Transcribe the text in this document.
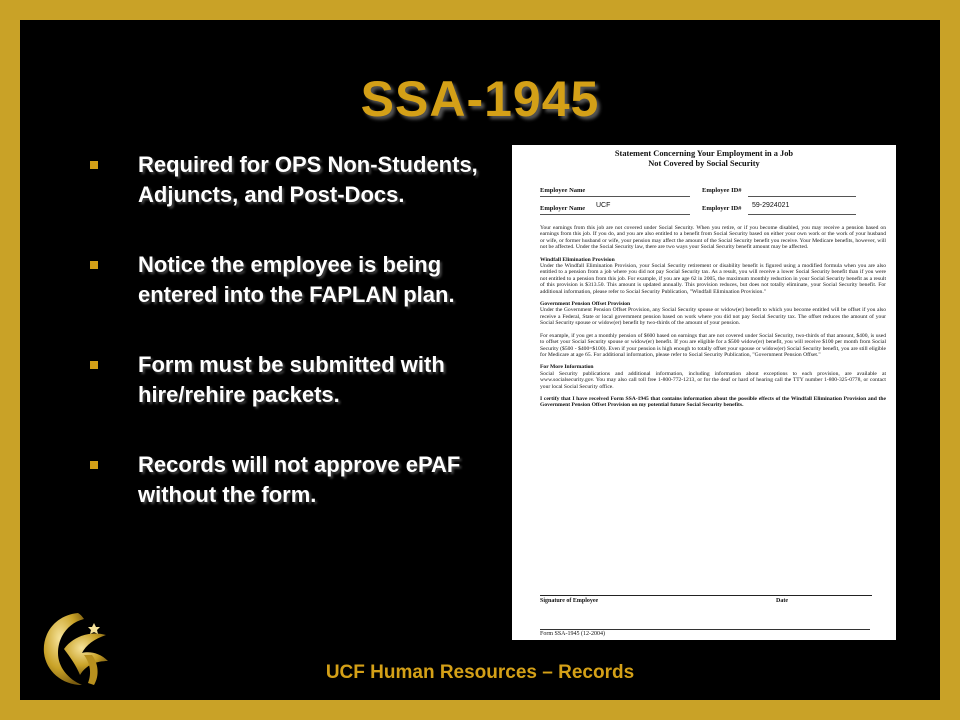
SSA-1945
Required for OPS Non-Students, Adjuncts, and Post-Docs.
Notice the employee is being entered into the FAPLAN plan.
Form must be submitted with hire/rehire packets.
Records will not approve ePAF without the form.
Statement Concerning Your Employment in a Job
Not Covered by Social Security
Employee Name	Employee ID#
Employer Name UCF	Employer ID# 59-2924021

Your earnings from this job are not covered under Social Security. When you retire, or if you become disabled, you may receive a pension based on earnings from this job. If you do, and you are also entitled to a benefit from Social Security based on either your own work or the work of your husband or wife, or former husband or wife, your pension may affect the amount of the Social Security benefit you receive. Your Medicare benefits, however, will not be affected. Under the Social Security law, there are two ways your Social Security benefit amount may be affected.

Windfall Elimination Provision

Under the Windfall Elimination Provision, your Social Security retirement or disability benefit is figured using a modified formula when you are also entitled to a pension from a job where you did not pay Social Security tax. As a result, you will receive a lower Social Security benefit than if you were not entitled to a pension from this job. For example, if you are age 62 in 2005, the maximum monthly reduction in your Social Security benefit as a result of this provision is $313.50. This amount is updated annually. This provision reduces, but does not totally eliminate, your Social Security benefit. For additional information, please refer to Social Security Publication, "Windfall Elimination Provision."

Government Pension Offset Provision

Under the Government Pension Offset Provision, any Social Security spouse or widow(er) benefit to which you become entitled will be offset if you also receive a Federal, State or local government pension based on work where you did not pay Social Security tax. The offset reduces the amount of your Social Security spouse or widow(er) benefit by two-thirds of the amount of your pension.

For example, if you get a monthly pension of $600 based on earnings that are not covered under Social Security, two-thirds of that amount, $400, is used to offset your Social Security spouse or widow(er) benefit. If you are eligible for a $500 widow(er) benefit, you will receive $100 per month from Social Security ($500 - $400=$100). Even if your pension is high enough to totally offset your spouse or widow(er) Social Security benefit, you are still eligible for Medicare at age 65. For additional information, please refer to Social Security Publication, "Government Pension Offset."

For More Information

Social Security publications and additional information, including information about exceptions to each provision, are available at www.socialsecurity.gov. You may also call toll free 1-800-772-1213, or for the deaf or hard of hearing call the TTY number 1-800-325-0778, or contact your local Social Security office.

I certify that I have received Form SSA-1945 that contains information about the possible effects of the Windfall Elimination Provision and the Government Pension Offset Provision on my potential future Social Security benefits.

Signature of Employee	Date
Form SSA-1945 (12-2004)
UCF Human Resources – Records
